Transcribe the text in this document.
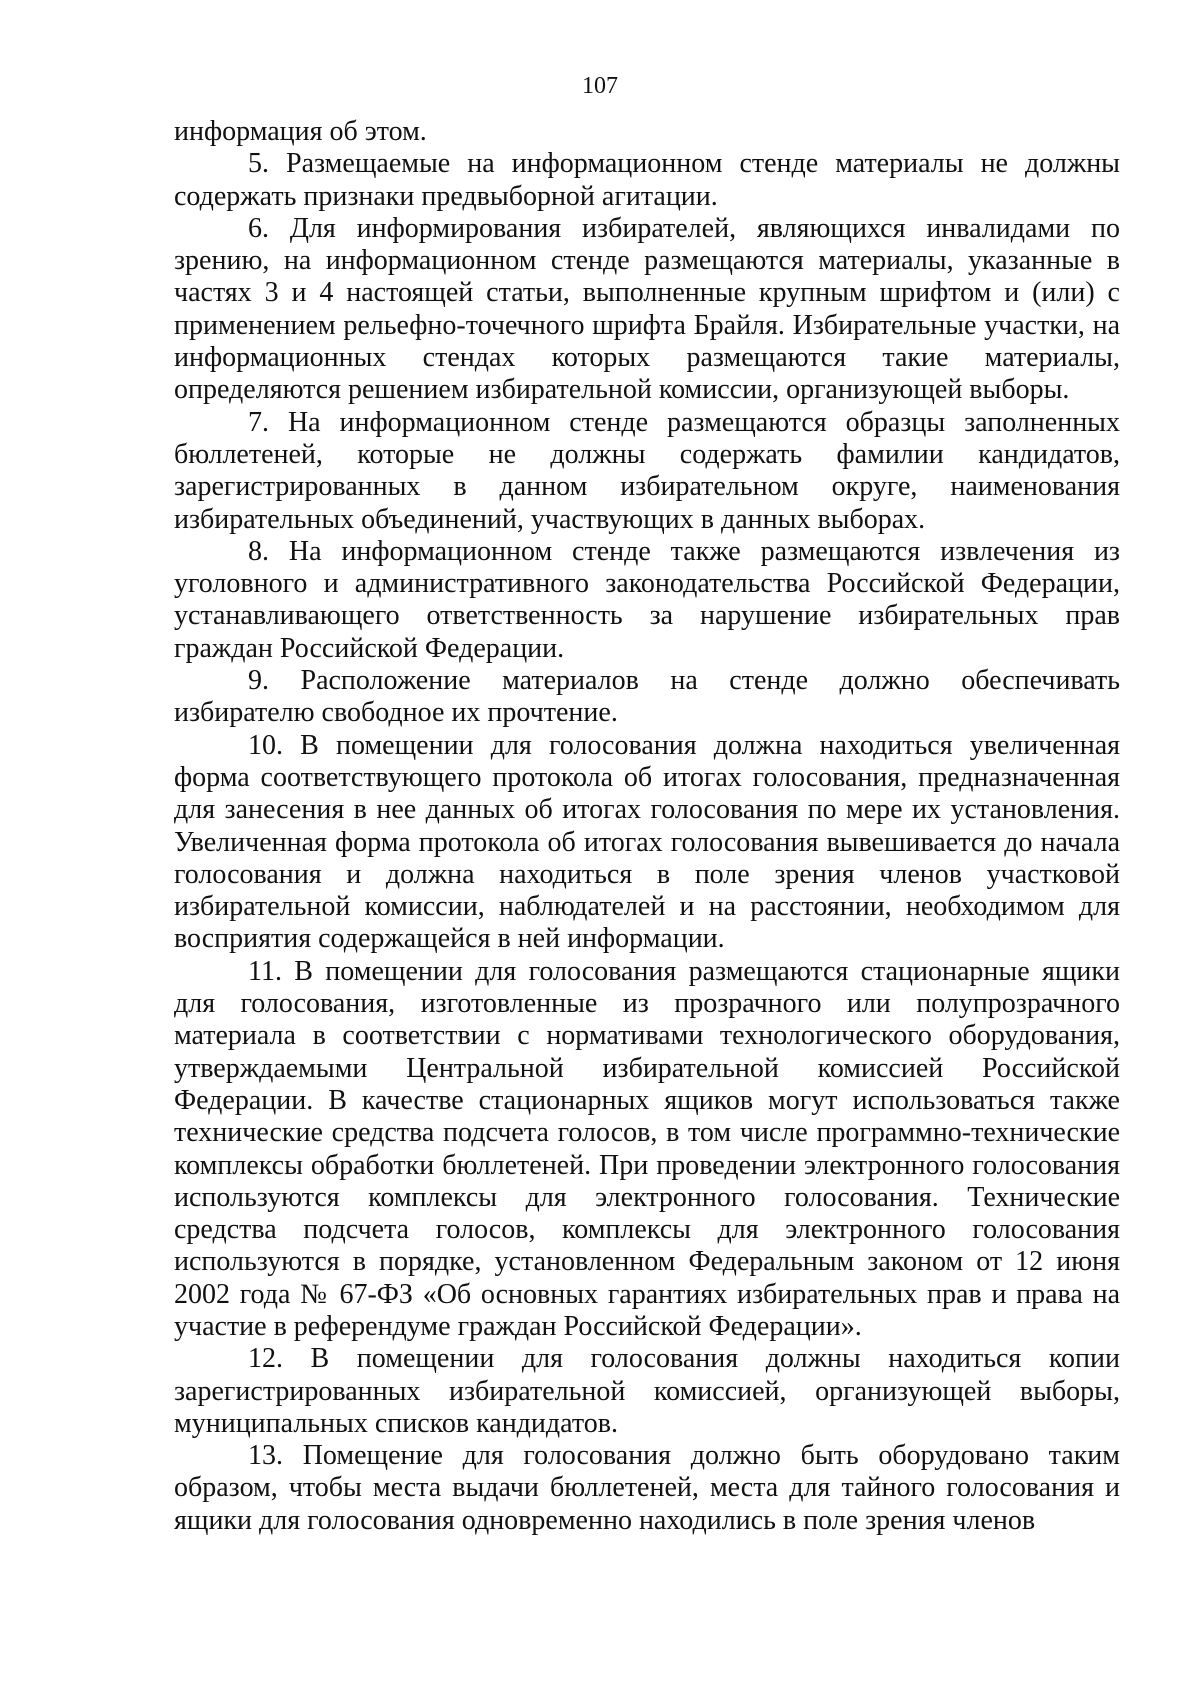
107

информация об этом.

5. Размещаемые на информационном стенде материалы не должны содержать признаки предвыборной агитации.

6. Для информирования избирателей, являющихся инвалидами по зрению, на информационном стенде размещаются материалы, указанные в частях 3 и 4 настоящей статьи, выполненные крупным шрифтом и (или) с применением рельефно-точечного шрифта Брайля. Избирательные участки, на информационных стендах которых размещаются такие материалы, определяются решением избирательной комиссии, организующей выборы.

7. На информационном стенде размещаются образцы заполненных бюллетеней, которые не должны содержать фамилии кандидатов, зарегистрированных в данном избирательном округе, наименования избирательных объединений, участвующих в данных выборах.

8. На информационном стенде также размещаются извлечения из уголовного и административного законодательства Российской Федерации, устанавливающего ответственность за нарушение избирательных прав граждан Российской Федерации.

9. Расположение материалов на стенде должно обеспечивать избирателю свободное их прочтение.

10. В помещении для голосования должна находиться увеличенная форма соответствующего протокола об итогах голосования, предназначенная для занесения в нее данных об итогах голосования по мере их установления. Увеличенная форма протокола об итогах голосования вывешивается до начала голосования и должна находиться в поле зрения членов участковой избирательной комиссии, наблюдателей и на расстоянии, необходимом для восприятия содержащейся в ней информации.

11. В помещении для голосования размещаются стационарные ящики для голосования, изготовленные из прозрачного или полупрозрачного материала в соответствии с нормативами технологического оборудования, утверждаемыми Центральной избирательной комиссией Российской Федерации. В качестве стационарных ящиков могут использоваться также технические средства подсчета голосов, в том числе программно-технические комплексы обработки бюллетеней. При проведении электронного голосования используются комплексы для электронного голосования. Технические средства подсчета голосов, комплексы для электронного голосования используются в порядке, установленном Федеральным законом от 12 июня 2002 года № 67-ФЗ «Об основных гарантиях избирательных прав и права на участие в референдуме граждан Российской Федерации».

12. В помещении для голосования должны находиться копии зарегистрированных избирательной комиссией, организующей выборы, муниципальных списков кандидатов.

13. Помещение для голосования должно быть оборудовано таким образом, чтобы места выдачи бюллетеней, места для тайного голосования и ящики для голосования одновременно находились в поле зрения членов
